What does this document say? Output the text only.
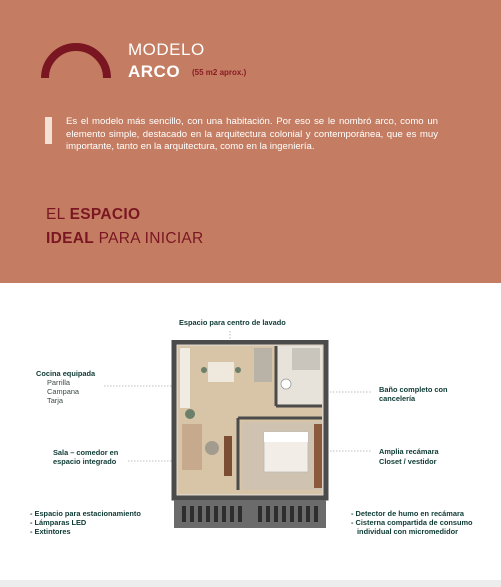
MODELO
ARCO (55 m2 aprox.)

Es el modelo más sencillo, con una habitación. Por eso se le nombró arco, como un elemento simple, destacado en la arquitectura colonial y contemporánea, que es muy importante, tanto en la arquitectura, como en la ingeniería.

EL ESPACIO
IDEAL PARA INICIAR
Espacio para centro de lavado
Cocina equipada
Parrilla
Campana
Tarja
Sala – comedor en
espacio integrado
Baño completo con
cancelería
Amplia recámara
Closet / vestidor
- Espacio para estacionamiento
- Lámparas LED
- Extintores
- Detector de humo en recámara
- Cisterna compartida de consumo
individual con micromedidor
